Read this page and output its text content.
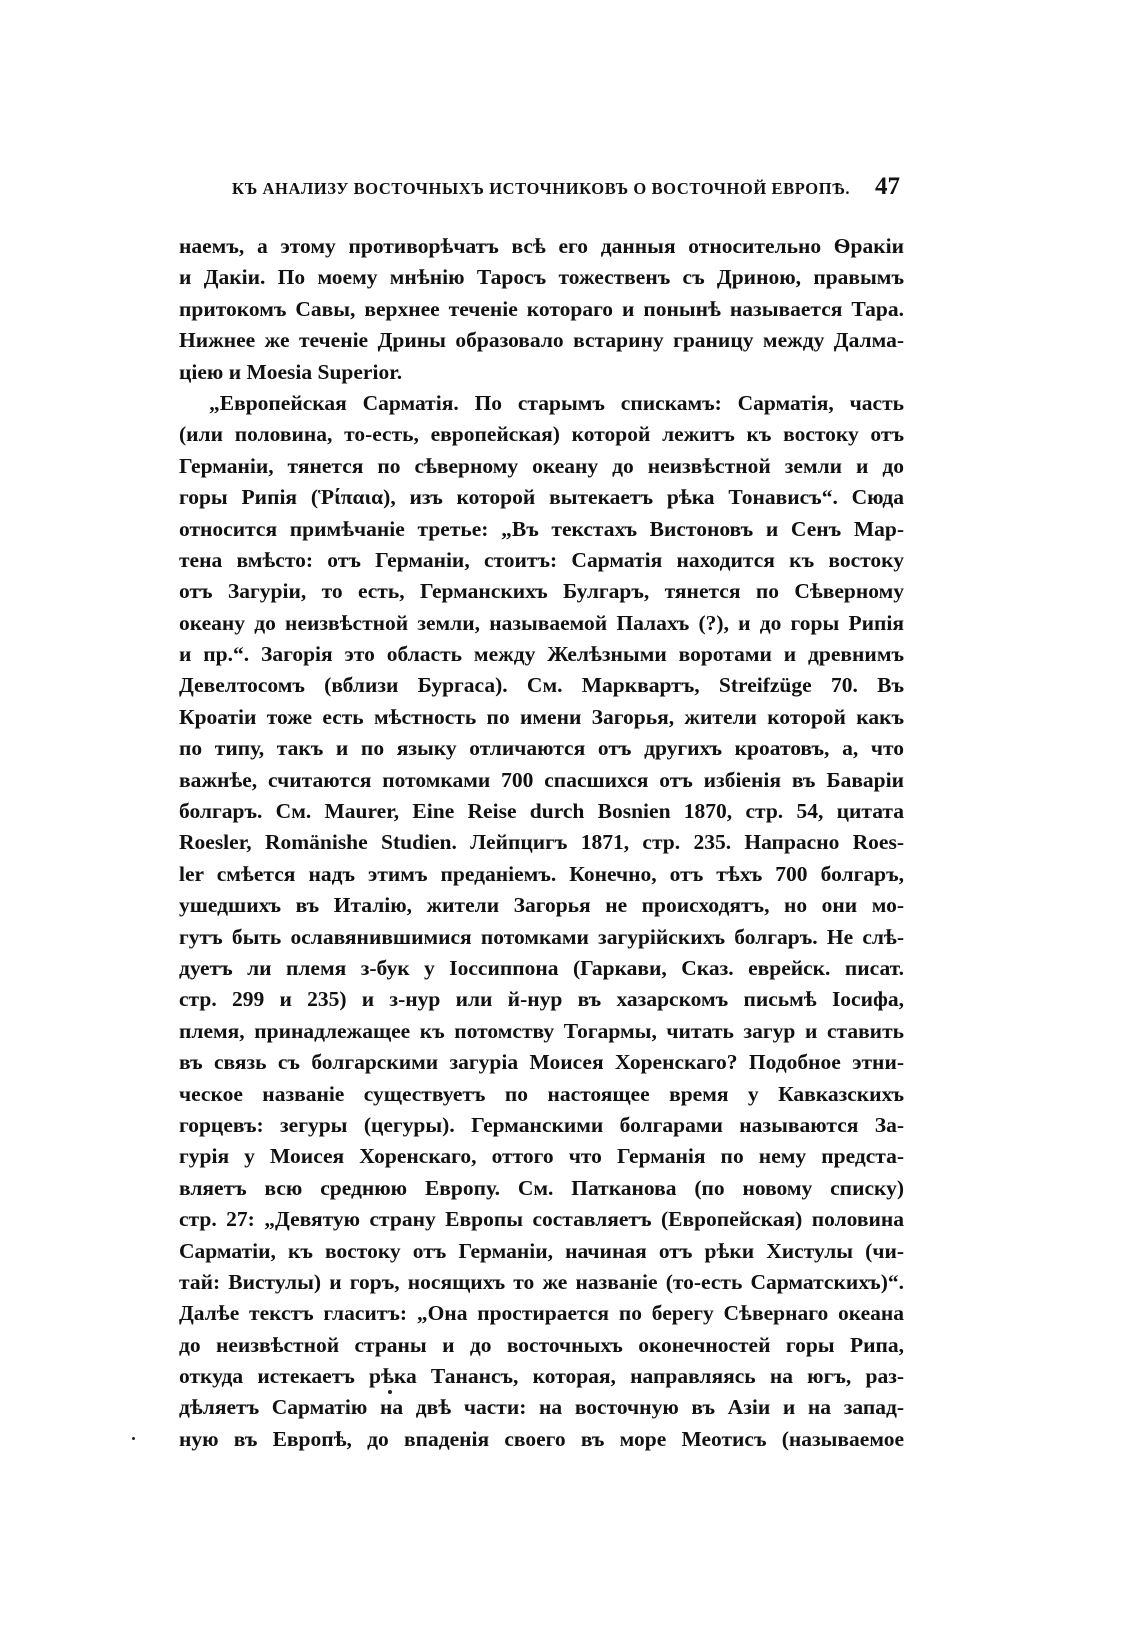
КЪ АНАЛИЗУ ВОСТОЧНЫХЪ ИСТОЧНИКОВЪ О ВОСТОЧНОЙ ЕВРОПѢ. 47
наемъ, а этому противорѣчатъ всѣ его данныя относительно Ѳракіи
и Дакіи. По моему мнѣнію Таросъ тожественъ съ Дриною, правымъ
притокомъ Савы, верхнее теченіе котораго и понынѣ называется Тара.
Нижнее же теченіе Дрины образовало встарину границу между Далма-
ціею и Moesia Superior.
„Европейская Сарматія. По старымъ спискамъ: Сарматія, часть
(или половина, то-есть, европейская) которой лежитъ къ востоку отъ
Германіи, тянется по сѣверному океану до неизвѣстной земли и до
горы Рипія (Ῥίπαια), изъ которой вытекаетъ рѣка Тонависъ“. Сюда
относится примѣчаніе третье: „Въ текстахъ Вистоновъ и Сенъ Мар-
тена вмѣсто: отъ Германіи, стоитъ: Сарматія находится къ востоку
отъ Загуріи, то есть, Германскихъ Булгаръ, тянется по Сѣверному
океану до неизвѣстной земли, называемой Палахъ (?), и до горы Рипія
и пр.“. Загорія это область между Желѣзными воротами и древнимъ
Девелтосомъ (вблизи Бургаса). См. Марквартъ, Streifzüge 70. Въ
Кроатіи тоже есть мѣстность по имени Загорья, жители которой какъ
по типу, такъ и по языку отличаются отъ другихъ кроатовъ, а, что
важнѣе, считаются потомками 700 спасшихся отъ избіенія въ Баваріи
болгаръ. См. Maurer, Eine Reise durch Bosnien 1870, стр. 54, цитата
Roesler, Romänishe Studien. Лейпцигъ 1871, стр. 235. Напрасно Roes-
ler смѣется надъ этимъ преданіемъ. Конечно, отъ тѣхъ 700 болгаръ,
ушедшихъ въ Италію, жители Загорья не происходятъ, но они мо-
гутъ быть ославянившимися потомками загурійскихъ болгаръ. Не слѣ-
дуетъ ли племя з-бук у Іоссиппона (Гаркави, Сказ. еврейск. писат.
стр. 299 и 235) и з-нур или й-нур въ хазарскомъ письмѣ Іосифа,
племя, принадлежащее къ потомству Тогармы, читать загур и ставить
въ связь съ болгарскими загуріа Моисея Хоренскаго? Подобное этни-
ческое названіе существуетъ по настоящее время у Кавказскихъ
горцевъ: зегуры (цегуры). Германскими болгарами называются За-
гурія у Моисея Хоренскаго, оттого что Германія по нему предста-
вляетъ всю среднюю Европу. См. Патканова (по новому списку)
стр. 27: „Девятую страну Европы составляетъ (Европейская) половина
Сарматіи, къ востоку отъ Германіи, начиная отъ рѣки Хистулы (чи-
тай: Вистулы) и горъ, носящихъ то же названіе (то-есть Сарматскихъ)“.
Далѣе текстъ гласитъ: „Она простирается по берегу Сѣвернаго океана
до неизвѣстной страны и до восточныхъ оконечностей горы Рипа,
откуда истекаетъ рѣка Танансъ, которая, направляясь на югъ, раз-
дѣляетъ Сарматію на двѣ части: на восточную въ Азіи и на запад-
ную въ Европѣ, до впаденія своего въ море Меотисъ (называемое
